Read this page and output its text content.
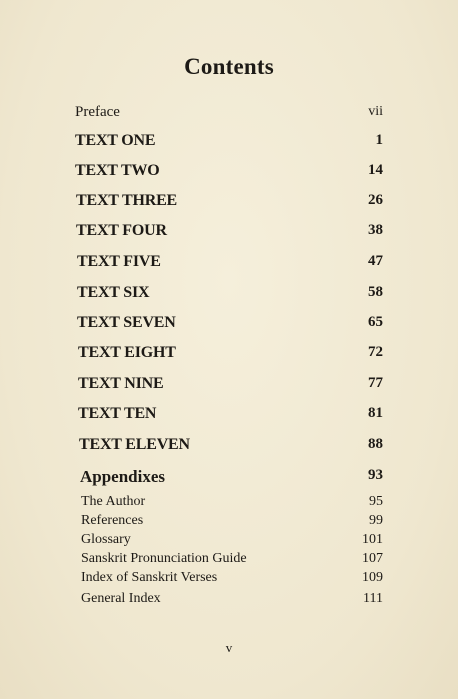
Contents
Preface	vii
TEXT ONE	1
TEXT TWO	14
TEXT THREE	26
TEXT FOUR	38
TEXT FIVE	47
TEXT SIX	58
TEXT SEVEN	65
TEXT EIGHT	72
TEXT NINE	77
TEXT TEN	81
TEXT ELEVEN	88
Appendixes	93
The Author	95
References	99
Glossary	101
Sanskrit Pronunciation Guide	107
Index of Sanskrit Verses	109
General Index	111
v
